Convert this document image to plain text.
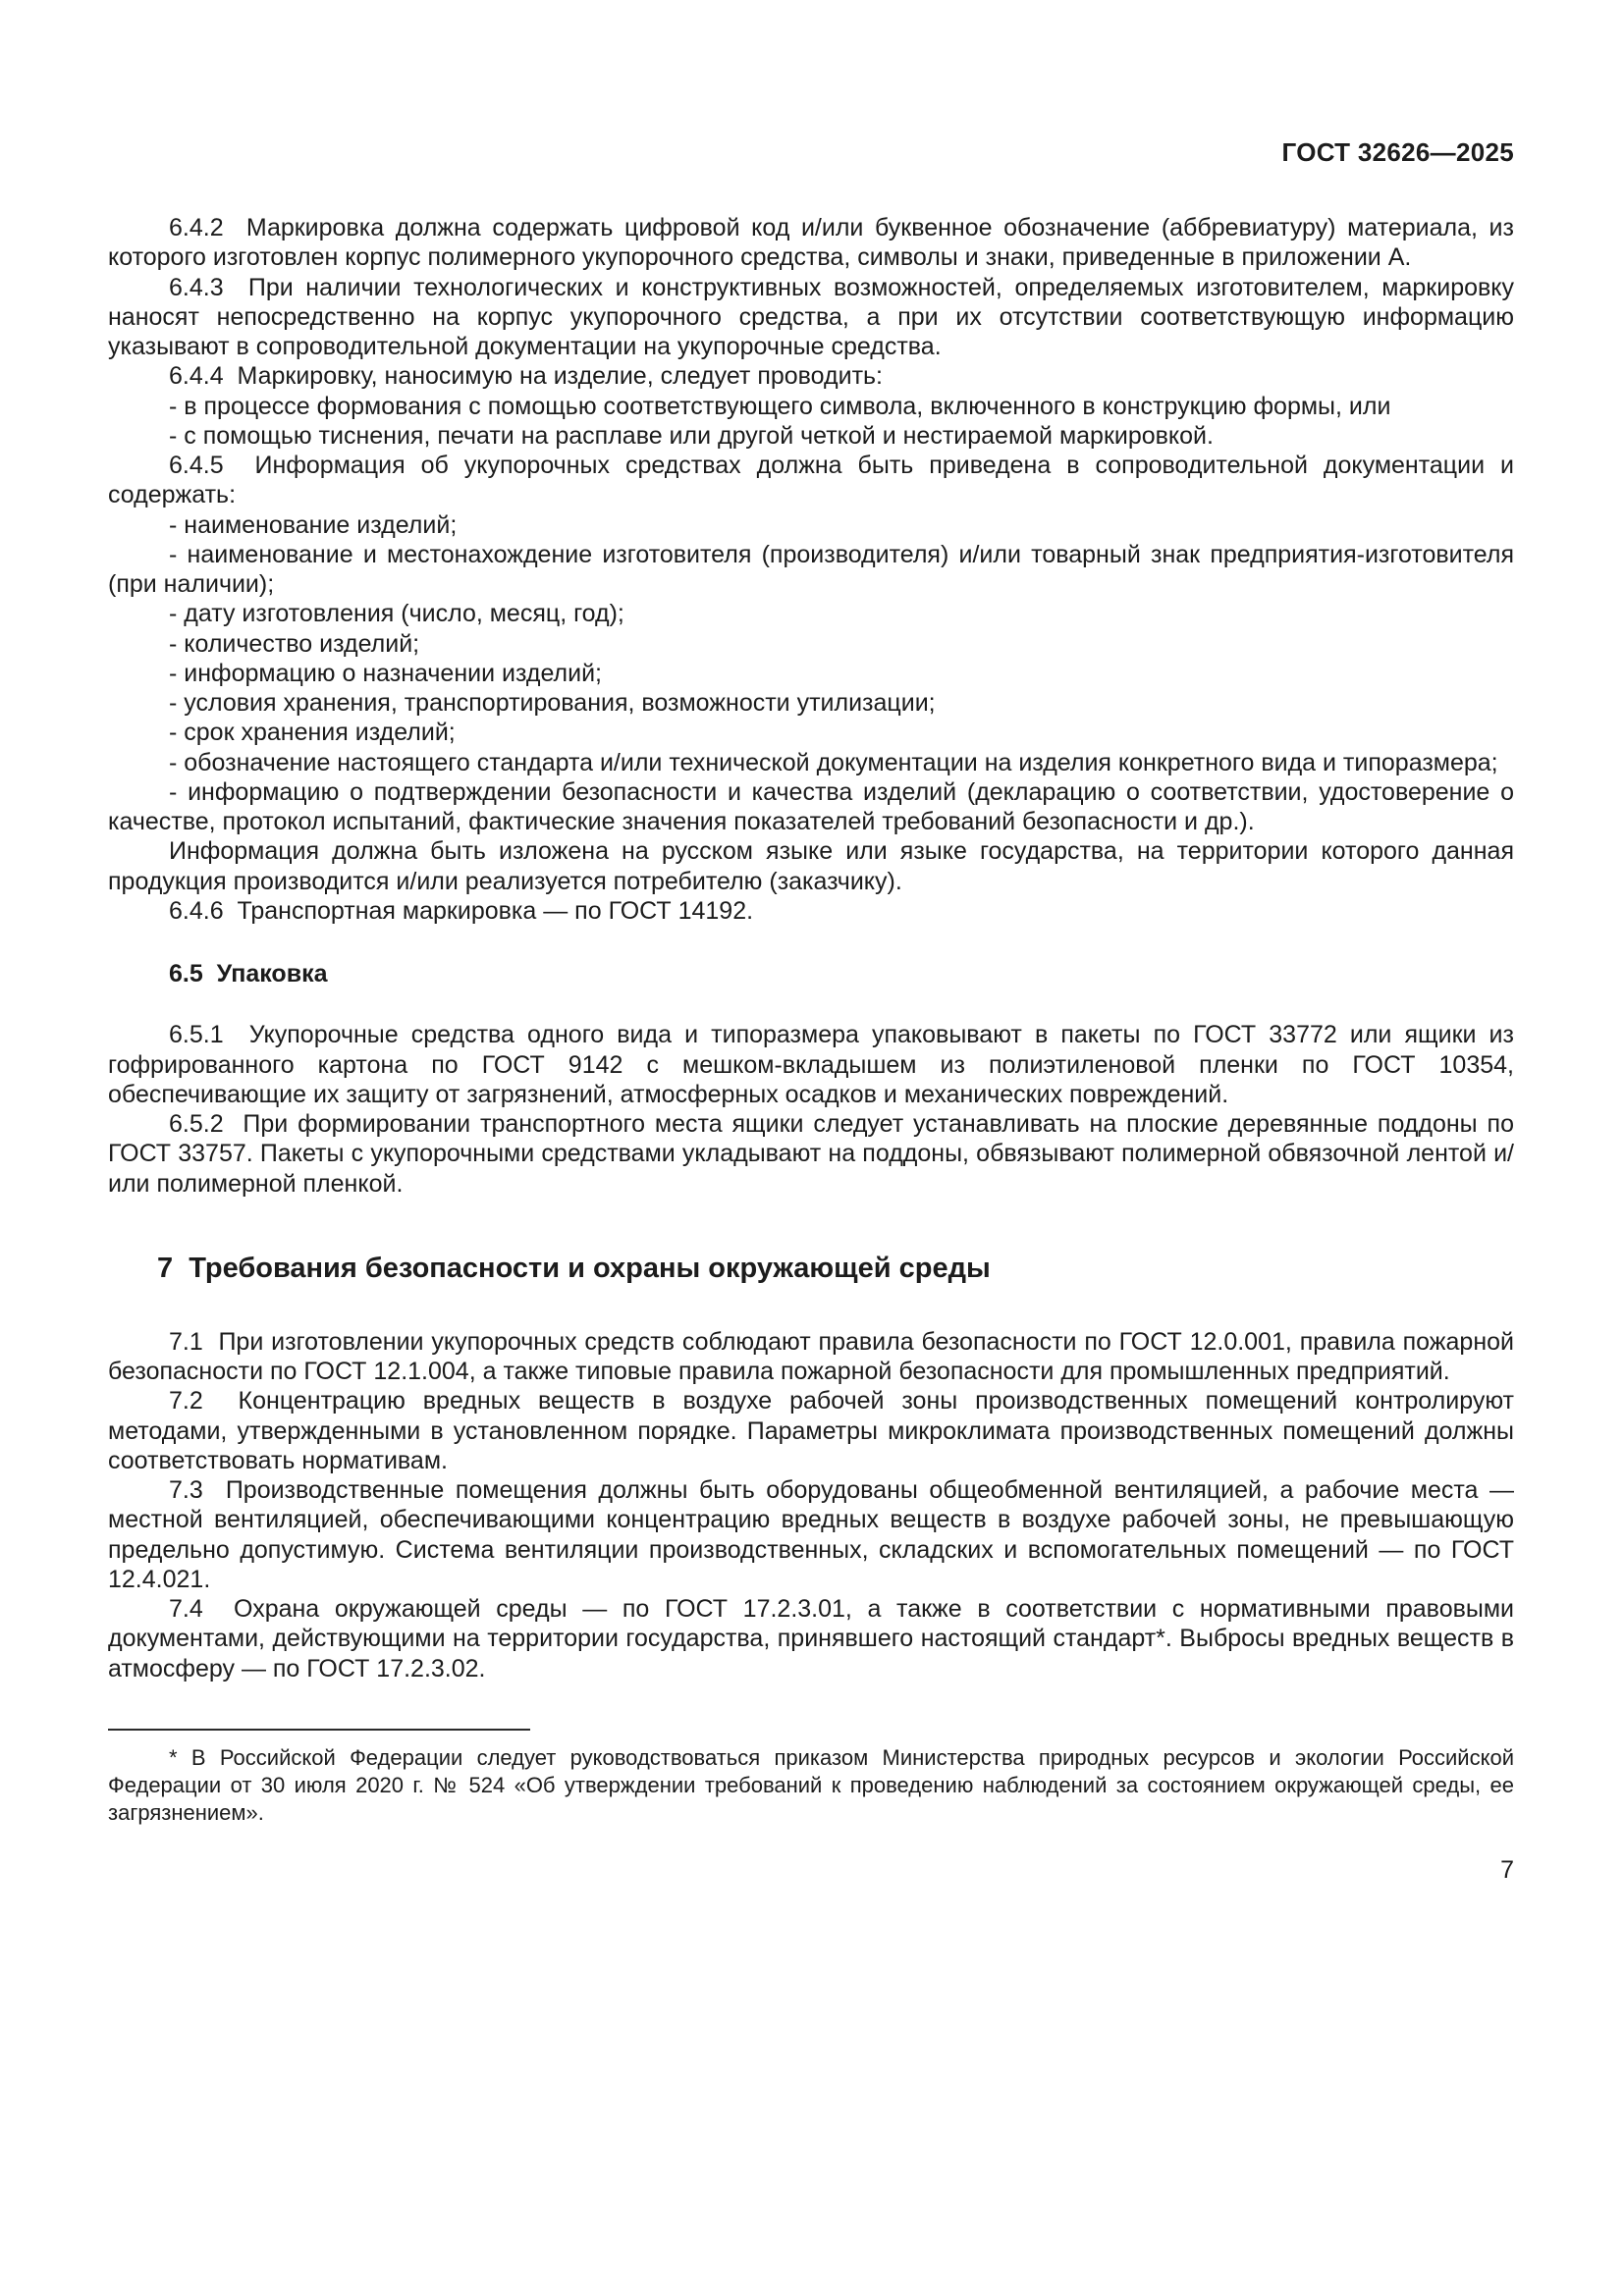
ГОСТ 32626—2025

6.4.2  Маркировка должна содержать цифровой код и/или буквенное обозначение (аббревиатуру) материала, из которого изготовлен корпус полимерного укупорочного средства, символы и знаки, приведенные в приложении А.

6.4.3  При наличии технологических и конструктивных возможностей, определяемых изготовителем, маркировку наносят непосредственно на корпус укупорочного средства, а при их отсутствии соответствующую информацию указывают в сопроводительной документации на укупорочные средства.

6.4.4  Маркировку, наносимую на изделие, следует проводить:

- в процессе формования с помощью соответствующего символа, включенного в конструкцию формы, или

- с помощью тиснения, печати на расплаве или другой четкой и нестираемой маркировкой.

6.4.5  Информация об укупорочных средствах должна быть приведена в сопроводительной документации и содержать:

- наименование изделий;

- наименование и местонахождение изготовителя (производителя) и/или товарный знак предприятия-изготовителя (при наличии);

- дату изготовления (число, месяц, год);

- количество изделий;

- информацию о назначении изделий;

- условия хранения, транспортирования, возможности утилизации;

- срок хранения изделий;

- обозначение настоящего стандарта и/или технической документации на изделия конкретного вида и типоразмера;

- информацию о подтверждении безопасности и качества изделий (декларацию о соответствии, удостоверение о качестве, протокол испытаний, фактические значения показателей требований безопасности и др.).

Информация должна быть изложена на русском языке или языке государства, на территории которого данная продукция производится и/или реализуется потребителю (заказчику).

6.4.6  Транспортная маркировка — по ГОСТ 14192.

6.5  Упаковка

6.5.1  Укупорочные средства одного вида и типоразмера упаковывают в пакеты по ГОСТ 33772 или ящики из гофрированного картона по ГОСТ 9142 с мешком-вкладышем из полиэтиленовой пленки по ГОСТ 10354, обеспечивающие их защиту от загрязнений, атмосферных осадков и механических повреждений.

6.5.2  При формировании транспортного места ящики следует устанавливать на плоские деревянные поддоны по ГОСТ 33757. Пакеты с укупорочными средствами укладывают на поддоны, обвязывают полимерной обвязочной лентой и/или полимерной пленкой.

7  Требования безопасности и охраны окружающей среды

7.1  При изготовлении укупорочных средств соблюдают правила безопасности по ГОСТ 12.0.001, правила пожарной безопасности по ГОСТ 12.1.004, а также типовые правила пожарной безопасности для промышленных предприятий.

7.2  Концентрацию вредных веществ в воздухе рабочей зоны производственных помещений контролируют методами, утвержденными в установленном порядке. Параметры микроклимата производственных помещений должны соответствовать нормативам.

7.3  Производственные помещения должны быть оборудованы общеобменной вентиляцией, а рабочие места — местной вентиляцией, обеспечивающими концентрацию вредных веществ в воздухе рабочей зоны, не превышающую предельно допустимую. Система вентиляции производственных, складских и вспомогательных помещений — по ГОСТ 12.4.021.

7.4  Охрана окружающей среды — по ГОСТ 17.2.3.01, а также в соответствии с нормативными правовыми документами, действующими на территории государства, принявшего настоящий стандарт*. Выбросы вредных веществ в атмосферу — по ГОСТ 17.2.3.02.

* В Российской Федерации следует руководствоваться приказом Министерства природных ресурсов и экологии Российской Федерации от 30 июля 2020 г. № 524 «Об утверждении требований к проведению наблюдений за состоянием окружающей среды, ее загрязнением».

7
